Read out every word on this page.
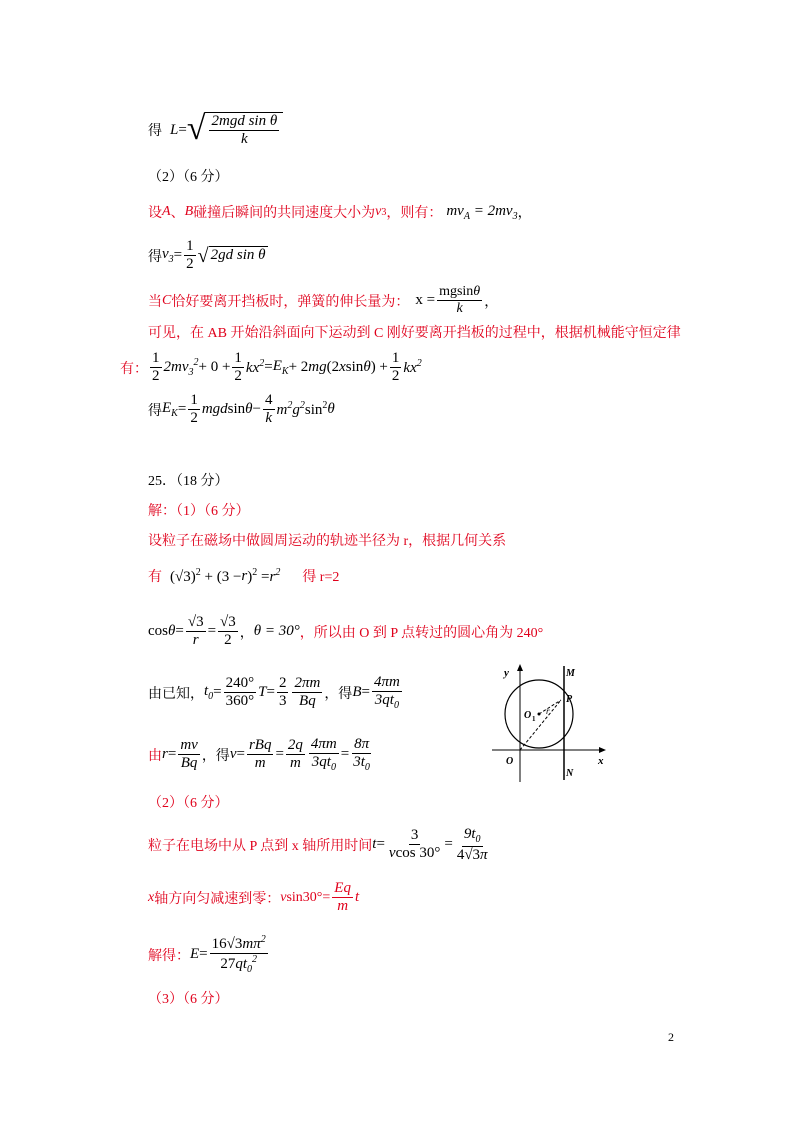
得 L = √ $\frac{\text{2mgd sin θ}}{k}$
（2）（6 分）
设 A 、 B 碰撞后瞬间的共同速度大小为 v 3 ，则有： $mv_A = 2mv_3$ ，
得 $v_3 = \frac{1}{2}$ √ 2gd sin θ
当 C 恰好要离开挡板时，弹簧的伸长量为： $x = \frac{mgsin\theta}{k}$ ，
可见，在 AB 开始沿斜面向下运动到 C 刚好要离开挡板的过程中，根据机械能守恒定律
有： $\frac{1}{2} 2mv_3^2 + 0 + \frac{1}{2} kx^2 = E_K + 2$ mg (2 x sin θ ) + $\frac{1}{2} kx^2$
得 $E_K = \frac{1}{2}$ mgd $\sin \theta - \frac{4}{k} m^2g^2$ $\sin^2 \theta$
25．（18 分）
解：（1）（6 分）
设粒子在磁场中做圆周运动的轨迹半径为 r，根据几何关系
有 $(√3)^2 + (3 - r$ )$^2 = r^2$ 得 r=2
$\cos \theta = \frac{√3}{r} = \frac{√3}{2}$ ， θ = 30° ，所以由 O 到 P 点转过的圆心角为 240°
由已知， $t_0 = \frac{240^\circ}{360^\circ}$ $T = \frac{2}{3} \frac{2\pi m}{Bq}$ ，得 $B = \frac{4\pi m}{3qt_0}$
由 $r = \frac{mv}{Bq}$ ，得 $v = \frac{\text{rBq}}{m} = \frac{2q}{m} \frac{4\pi m}{3qt_0} = \frac{8\pi}{3t_0}$
（2）（6 分）
粒子在电场中从 P 点到 x 轴所用时间 $t = \frac{3}{vcos 30^\circ} = \frac{9t_0}{4√3\pi}$
x 轴方向匀减速到零： v $\sin 30^\circ= \frac{Eq}{m}$ t
解得： $E = \frac{16√3m\pi^2}{27qt_0^2}$
（3）（6 分）
y
x
O
O 1
r
M
N
P
2
